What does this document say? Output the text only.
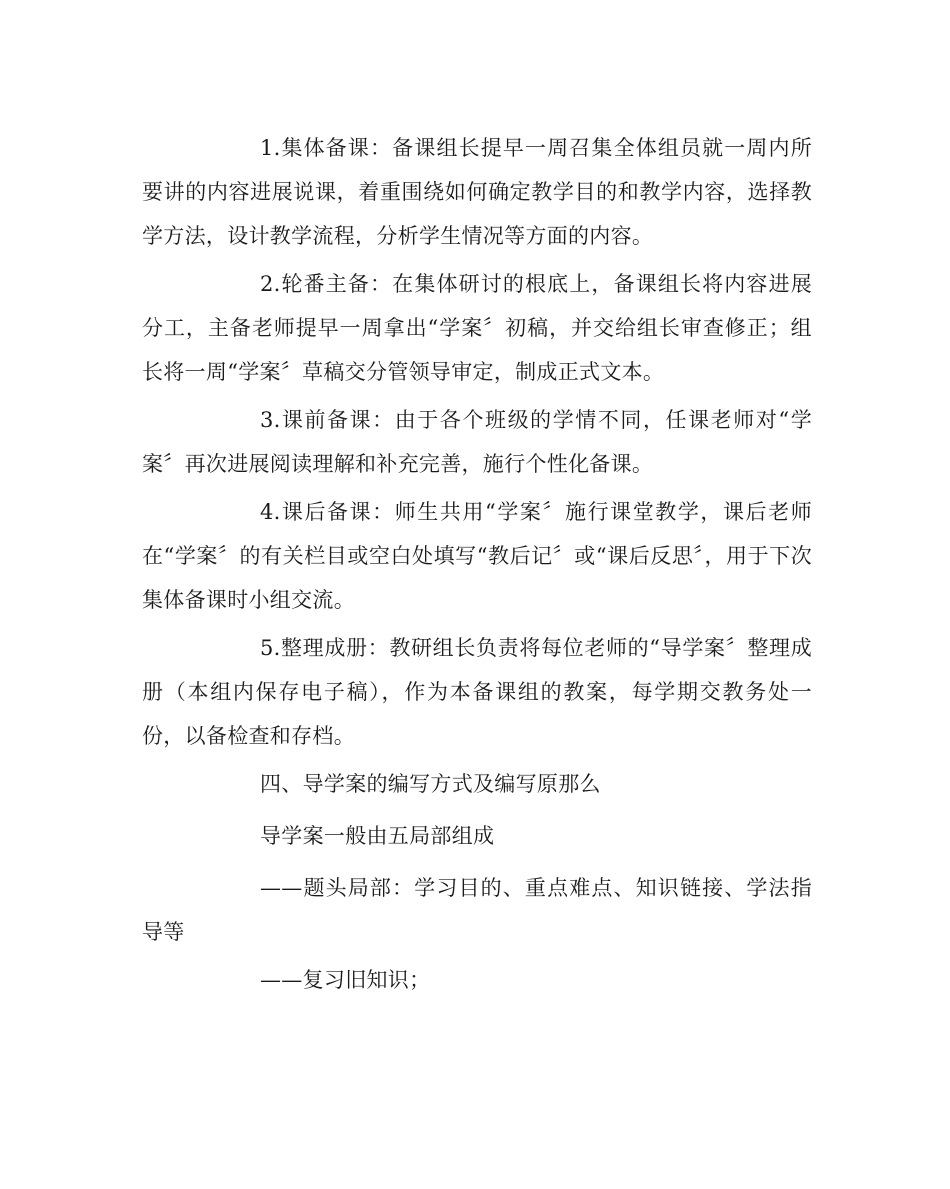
1.集体备课：备课组长提早一周召集全体组员就一周内所要讲的内容进展说课，着重围绕如何确定教学目的和教学内容，选择教学方法，设计教学流程，分析学生情况等方面的内容。

2.轮番主备：在集体研讨的根底上，备课组长将内容进展分工，主备老师提早一周拿出“学案〞初稿，并交给组长审查修正；组长将一周“学案〞草稿交分管领导审定，制成正式文本。

3.课前备课：由于各个班级的学情不同，任课老师对“学案〞再次进展阅读理解和补充完善，施行个性化备课。

4.课后备课：师生共用“学案〞施行课堂教学，课后老师在“学案〞的有关栏目或空白处填写“教后记〞或“课后反思〞，用于下次集体备课时小组交流。

5.整理成册：教研组长负责将每位老师的“导学案〞整理成册（本组内保存电子稿），作为本备课组的教案，每学期交教务处一份，以备检查和存档。

四、导学案的编写方式及编写原那么

导学案一般由五局部组成

——题头局部：学习目的、重点难点、知识链接、学法指导等

——复习旧知识；
